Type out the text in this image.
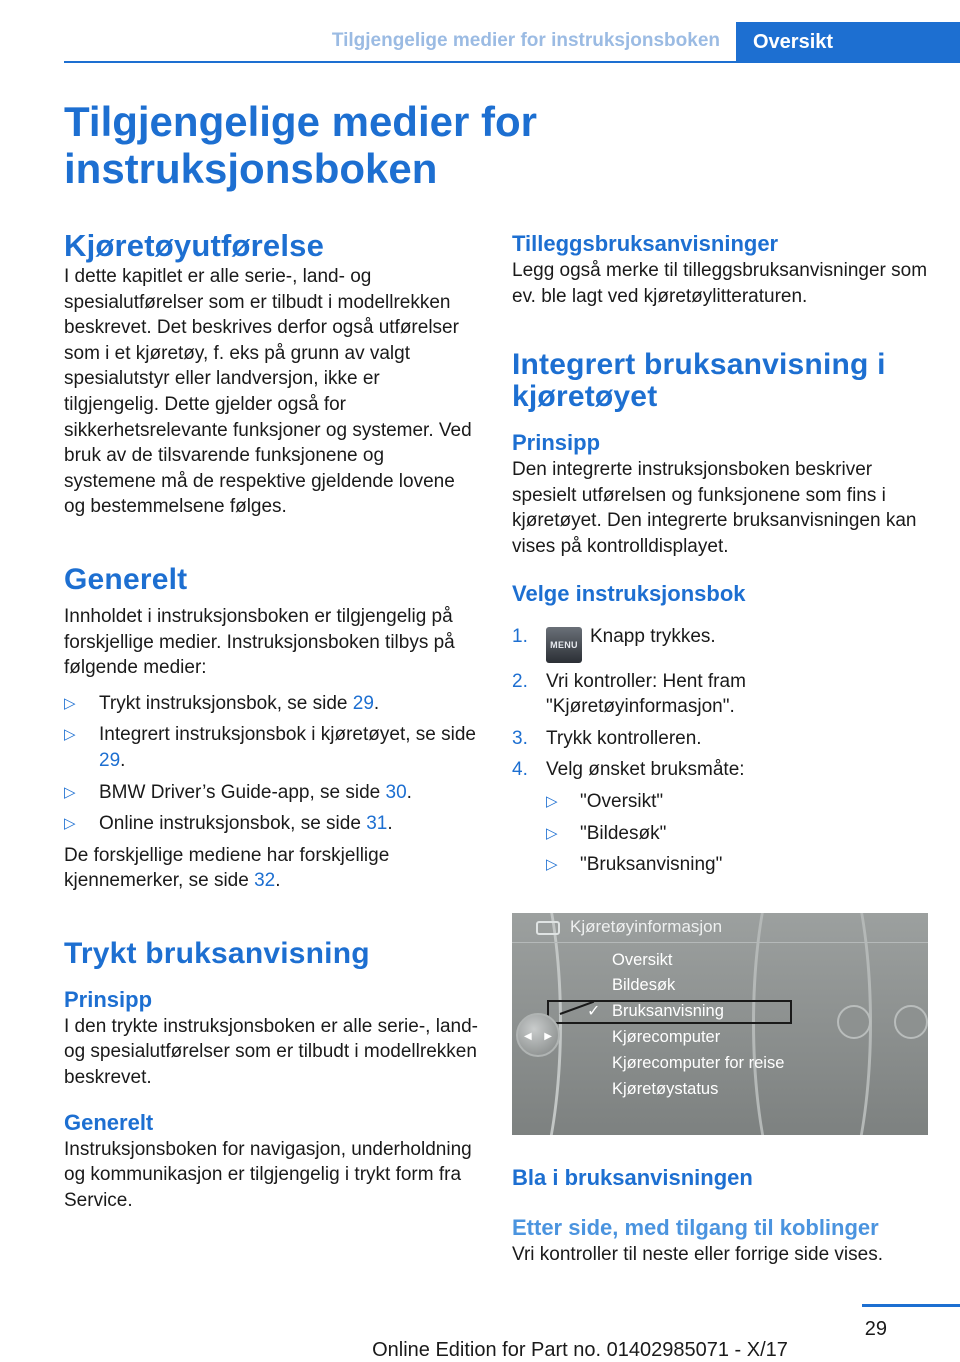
Tilgjengelige medier for instruksjonsboken	Oversikt
Tilgjengelige medier for instruksjonsboken
Kjøretøyutførelse

I dette kapitlet er alle serie-, land- og spesialutførelser som er tilbudt i modellrekken beskrevet. Det beskrives derfor også utførelser som i et kjøretøy, f. eks på grunn av valgt spesialutstyr eller landversjon, ikke er tilgjengelig. Dette gjelder også for sikkerhetsrelevante funksjoner og systemer. Ved bruk av de tilsvarende funksjonene og systemene må de respektive gjeldende lovene og bestemmelsene følges.

Generelt

Innholdet i instruksjonsboken er tilgjengelig på forskjellige medier. Instruksjonsboken tilbys på følgende medier:

▷ Trykt instruksjonsbok, se side 29.
▷ Integrert instruksjonsbok i kjøretøyet, se side 29.
▷ BMW Driver’s Guide-app, se side 30.
▷ Online instruksjonsbok, se side 31.

De forskjellige mediene har forskjellige kjennemerker, se side 32.

Trykt bruksanvisning
Prinsipp

I den trykte instruksjonsboken er alle serie-, land- og spesialutførelser som er tilbudt i modellrekken beskrevet.

Generelt

Instruksjonsboken for navigasjon, underholdning og kommunikasjon er tilgjengelig i trykt form fra Service.

Tilleggsbruksanvisninger

Legg også merke til tilleggsbruksanvisninger som ev. ble lagt ved kjøretøylitteraturen.

Integrert bruksanvisning i kjøretøyet
Prinsipp

Den integrerte instruksjonsboken beskriver spesielt utførelsen og funksjonene som fins i kjøretøyet. Den integrerte bruksanvisningen kan vises på kontrolldisplayet.

Velge instruksjonsbok
1. MENU Knapp trykkes.
2. Vri kontroller: Hent fram "Kjøretøyinformasjon".
3. Trykk kontrolleren.
4. Velg ønsket bruksmåte:
▷ "Oversikt"
▷ "Bildesøk"
▷ "Bruksanvisning"
Kjøretøyinformasjon
Oversikt
Bildesøk
✓ Bruksanvisning
Kjørecomputer
Kjørecomputer for reise
Kjøretøystatus
◀ ▶
Bla i bruksanvisningen
Etter side, med tilgang til koblinger

Vri kontroller til neste eller forrige side vises.

29
Online Edition for Part no. 01402985071 - X/17
